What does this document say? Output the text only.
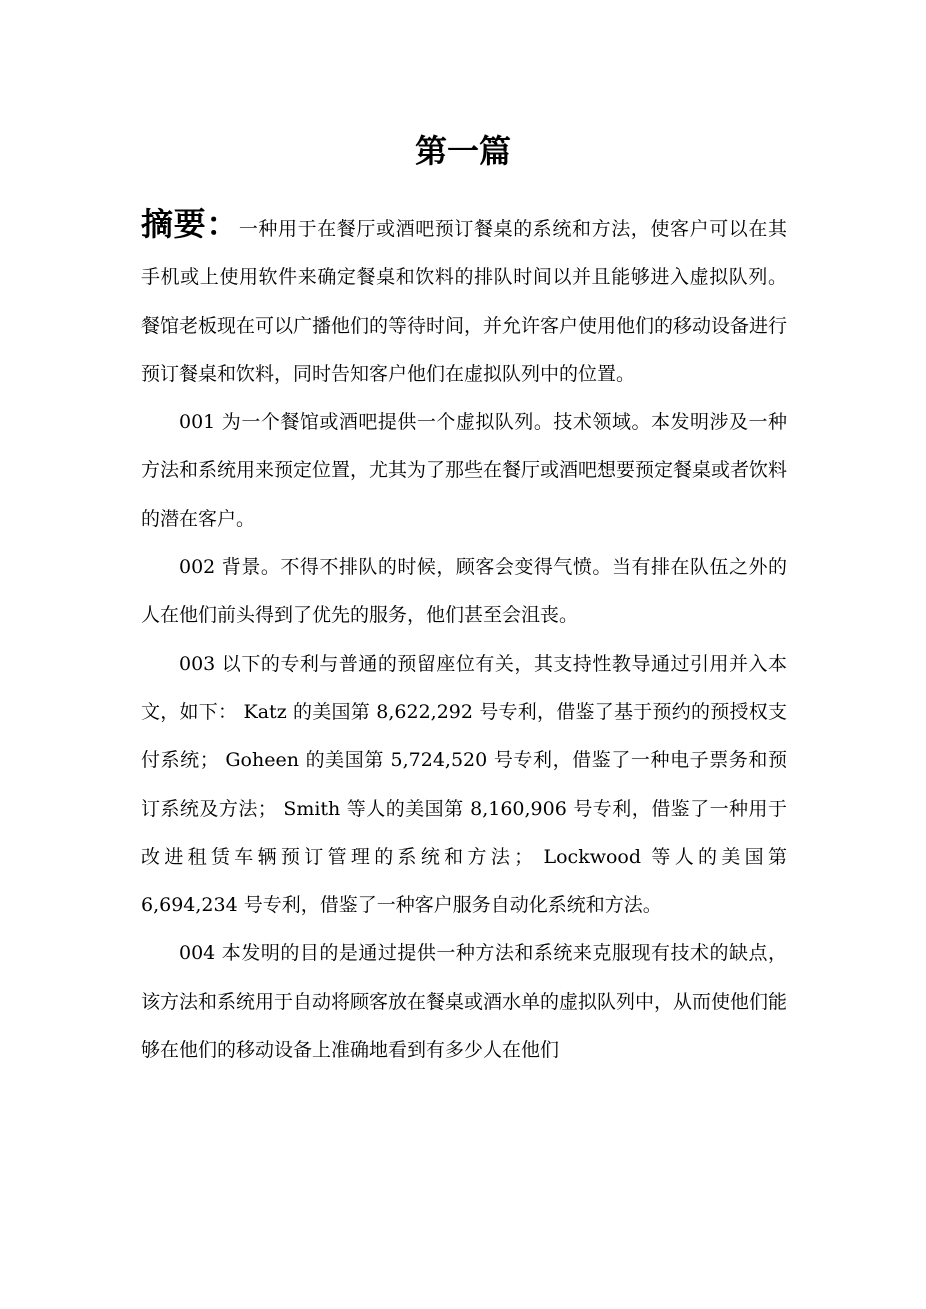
第一篇

摘要：一种用于在餐厅或酒吧预订餐桌的系统和方法，使客户可以在其手机或上使用软件来确定餐桌和饮料的排队时间以并且能够进入虚拟队列。 餐馆老板现在可以广播他们的等待时间，并允许客户使用他们的移动设备进行预订餐桌和饮料，同时告知客户他们在虚拟队列中的位置。

001 为一个餐馆或酒吧提供一个虚拟队列。技术领域。本发明涉及一种方法和系统用来预定位置，尤其为了那些在餐厅或酒吧想要预定餐桌或者饮料的潜在客户。

002 背景。不得不排队的时候，顾客会变得气愤。当有排在队伍之外的人在他们前头得到了优先的服务，他们甚至会沮丧。

003 以下的专利与普通的预留座位有关，其支持性教导通过引用并入本文，如下： Katz 的美国第 8,622,292 号专利，借鉴了基于预约的预授权支付系统； Goheen 的美国第 5,724,520 号专利，借鉴了一种电子票务和预订系统及方法； Smith 等人的美国第 8,160,906 号专利，借鉴了一种用于改进租赁车辆预订管理的系统和方法； Lockwood 等人的美国第 6,694,234 号专利，借鉴了一种客户服务自动化系统和方法。

004 本发明的目的是通过提供一种方法和系统来克服现有技术的缺点，该方法和系统用于自动将顾客放在餐桌或酒水单的虚拟队列中，从而使他们能够在他们的移动设备上准确地看到有多少人在他们
